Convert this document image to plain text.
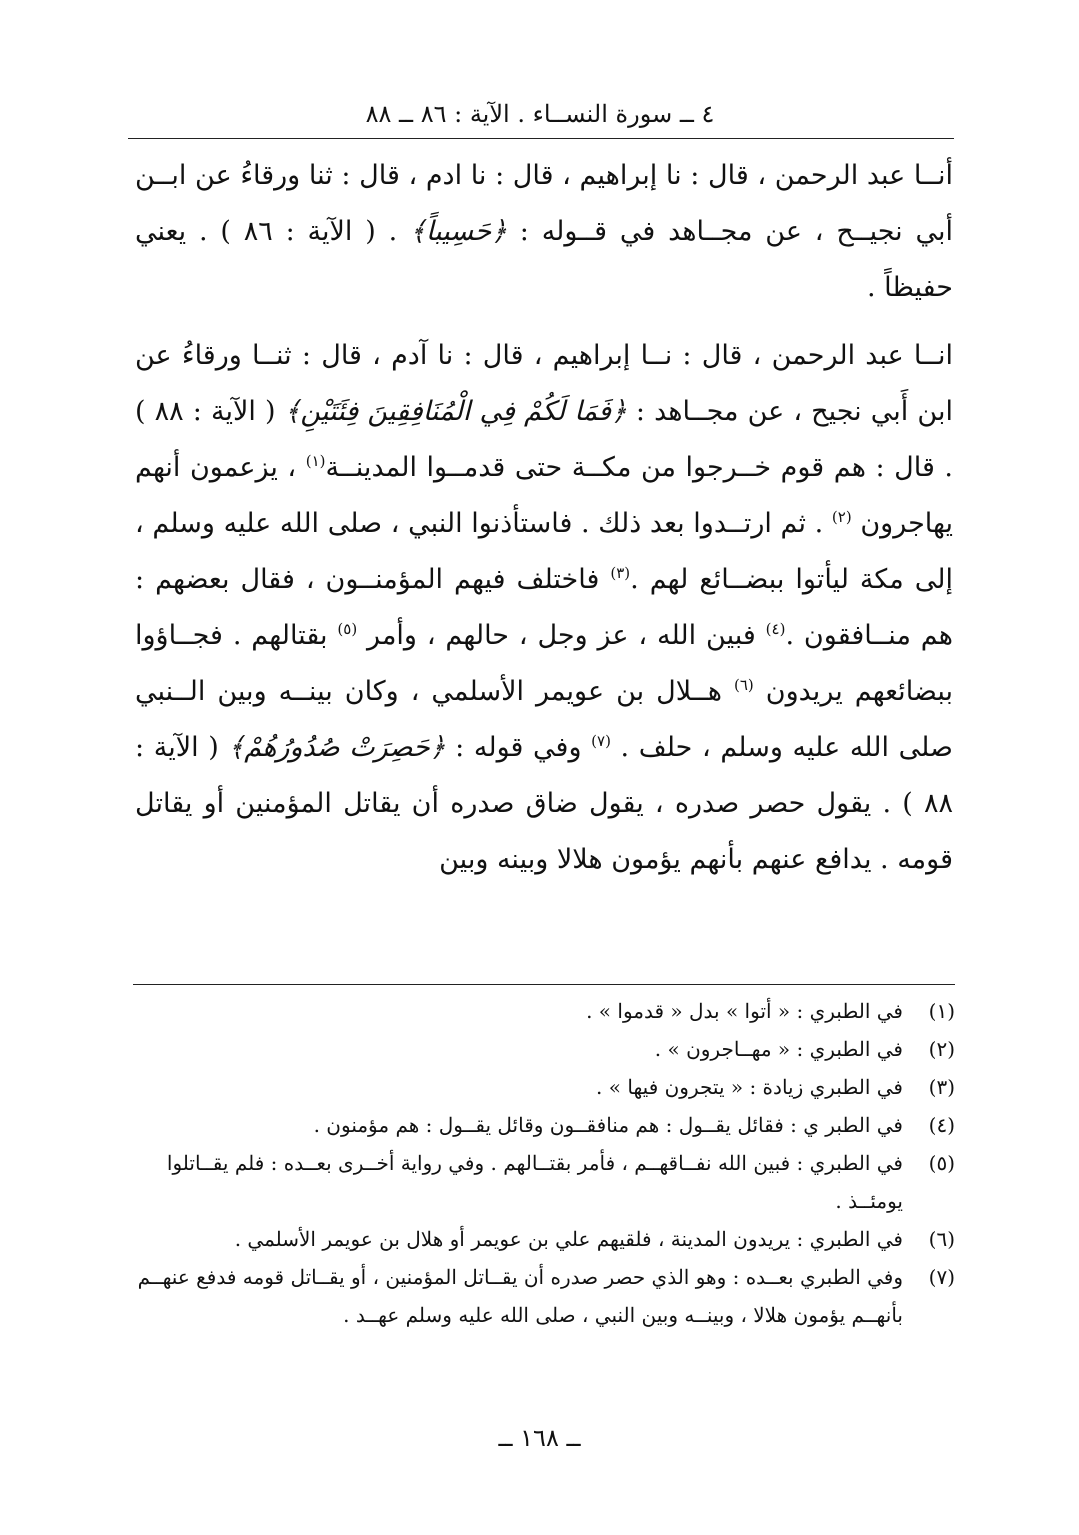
٤ ــ سورة النســاء . الآية : ٨٦ ــ ٨٨

أنــا عبد الرحمن ، قال : نا إبراهيم ، قال : نا ادم ، قال : ثنا ورقاءُ عن ابــن أبي نجيــح ، عن مجــاهد في قــوله : ﴿حَسِيباً﴾ . ( الآية : ٨٦ ) . يعني حفيظاً .

انــا عبد الرحمن ، قال : نــا إبراهيم ، قال : نا آدم ، قال : ثنــا ورقاءُ عن ابن أَبي نجيح ، عن مجــاهد : ﴿فَمَا لَكُمْ فِي الْمُنَافِقِينَ فِئَتَيْنِ﴾ ( الآية : ٨٨ ) . قال : هم قوم خــرجوا من مكــة حتى قدمــوا المدينــة$^{(١)}$ ، يزعمون أنهم يهاجرون $^{(٢)}$ . ثم ارتــدوا بعد ذلك . فاستأذنوا النبي ، صلى الله عليه وسلم ، إلى مكة ليأتوا ببضــائع لهم .$^{(٣)}$ فاختلف فيهم المؤمنــون ، فقال بعضهم : هم منــافقون .$^{(٤)}$ فبين الله ، عز وجل ، حالهم ، وأمر $^{(٥)}$ بقتالهم . فجــاؤوا ببضائعهم يريدون $^{(٦)}$ هــلال بن عويمر الأسلمي ، وكان بينــه وبين الــنبي صلى الله عليه وسلم ، حلف . $^{(٧)}$ وفي قوله : ﴿حَصِرَتْ صُدُورُهُمْ﴾ ( الآية : ٨٨ ) . يقول حصر صدره ، يقول ضاق صدره أن يقاتل المؤمنين أو يقاتل قومه . يدافع عنهم بأنهم يؤمون هلالا وبينه وبين

(١)
في الطبري : « أتوا » بدل « قدموا » .
(٢)
في الطبري : « مهــاجرون » .
(٣)
في الطبري زيادة : « يتجرون فيها » .
(٤)
في الطبر ي : فقائل يقــول : هم منافقــون وقائل يقــول : هم مؤمنون .
(٥)
في الطبري : فبين الله نفــاقهــم ، فأمر بقتــالهم . وفي رواية أخــرى بعــده : فلم يقــاتلوا يومئــذ .
(٦)
في الطبري : يريدون المدينة ، فلقيهم علي بن عويمر أو هلال بن عويمر الأسلمي .
(٧)
وفي الطبري بعــده : وهو الذي حصر صدره أن يقــاتل المؤمنين ، أو يقــاتل قومه فدفع عنهــم بأنهــم يؤمون هلالا ، وبينــه وبين النبي ، صلى الله عليه وسلم عهــد .
ــ ١٦٨ ــ
